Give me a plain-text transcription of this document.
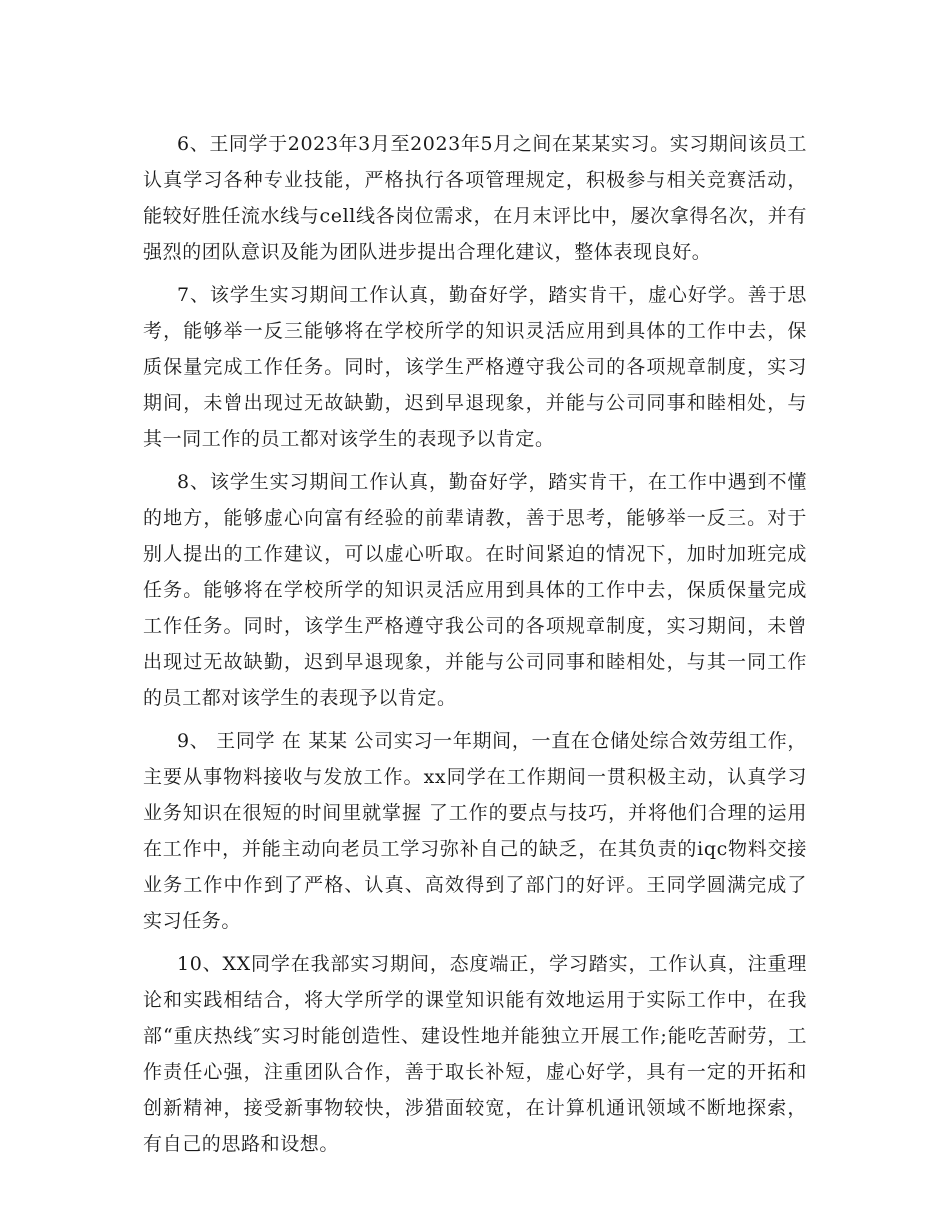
6、王同学于2023年3月至2023年5月之间在某某实习。实习期间该员工认真学习各种专业技能，严格执行各项管理规定，积极参与相关竞赛活动，能较好胜任流水线与cell线各岗位需求，在月末评比中，屡次拿得名次，并有强烈的团队意识及能为团队进步提出合理化建议，整体表现良好。

7、该学生实习期间工作认真，勤奋好学，踏实肯干，虚心好学。善于思考，能够举一反三能够将在学校所学的知识灵活应用到具体的工作中去，保质保量完成工作任务。同时，该学生严格遵守我公司的各项规章制度，实习期间，未曾出现过无故缺勤，迟到早退现象，并能与公司同事和睦相处，与其一同工作的员工都对该学生的表现予以肯定。

8、该学生实习期间工作认真，勤奋好学，踏实肯干，在工作中遇到不懂的地方，能够虚心向富有经验的前辈请教，善于思考，能够举一反三。对于别人提出的工作建议，可以虚心听取。在时间紧迫的情况下，加时加班完成任务。能够将在学校所学的知识灵活应用到具体的工作中去，保质保量完成工作任务。同时，该学生严格遵守我公司的各项规章制度，实习期间，未曾出现过无故缺勤，迟到早退现象，并能与公司同事和睦相处，与其一同工作的员工都对该学生的表现予以肯定。

9、 王同学 在 某某 公司实习一年期间，一直在仓储处综合效劳组工作，主要从事物料接收与发放工作。xx同学在工作期间一贯积极主动，认真学习业务知识在很短的时间里就掌握 了工作的要点与技巧，并将他们合理的运用在工作中，并能主动向老员工学习弥补自己的缺乏，在其负责的iqc物料交接业务工作中作到了严格、认真、高效得到了部门的好评。王同学圆满完成了实习任务。

10、XX同学在我部实习期间，态度端正，学习踏实，工作认真，注重理论和实践相结合，将大学所学的课堂知识能有效地运用于实际工作中，在我部“重庆热线″实习时能创造性、建设性地并能独立开展工作;能吃苦耐劳，工作责任心强，注重团队合作，善于取长补短，虚心好学，具有一定的开拓和创新精神，接受新事物较快，涉猎面较宽，在计算机通讯领域不断地探索，有自己的思路和设想。
